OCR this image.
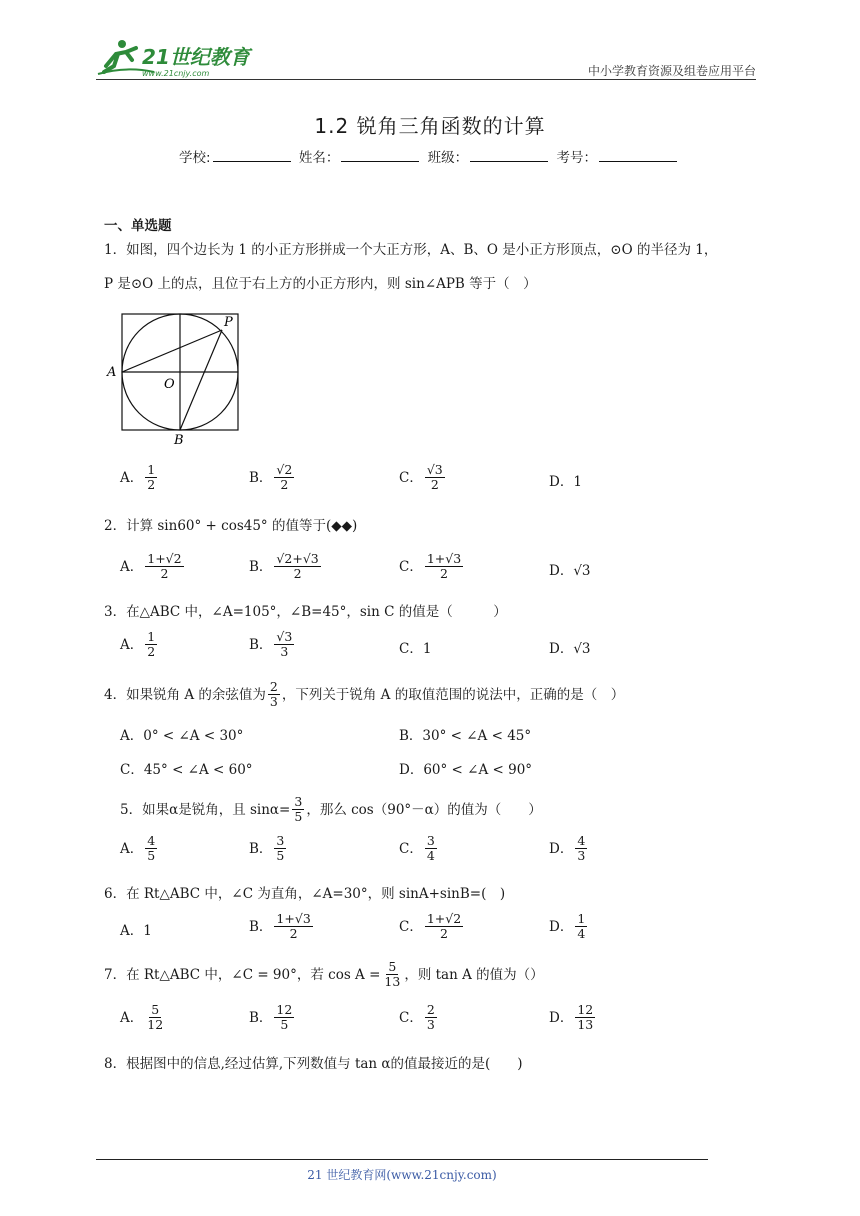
21世纪教育
www.21cnjy.com	中小学教育资源及组卷应用平台
1.2 锐角三角函数的计算
学校:	姓名：	班级：	考号：
一、单选题
1．如图，四个边长为 1 的小正方形拼成一个大正方形，A、B、O 是小正方形顶点，⊙O 的半径为 1，
P 是⊙O 上的点，且位于右上方的小正方形内，则 sin∠APB 等于（　）
A
B
O
P
A． $\frac{1}{2}$	B． $\frac{√2}{2}$	C． $\frac{√3}{2}$	D． 1
2．计算 sin60° + cos45° 的值等于(◆◆)
A． $\frac{1+√2}{2}$	B． $\frac{√2+√3}{2}$	C． $\frac{1+√3}{2}$	D． √3
3．在△ABC 中，∠A=105°，∠B=45°，sin C 的值是（　　　）
A． $\frac{1}{2}$	B． $\frac{√3}{3}$	C． 1	D． √3
4．如果锐角 A 的余弦值为 $\frac{2}{3}$ ，下列关于锐角 A 的取值范围的说法中，正确的是（　）
A． 0° < ∠A < 30°	B． 30° < ∠A < 45°
C． 45° < ∠A < 60°	D． 60° < ∠A < 90°
5．如果α是锐角，且 $\sin\alpha= \frac{3}{5}$ ，那么 cos（90°－α）的值为（　　）
A． $\frac{4}{5}$	B． $\frac{3}{5}$	C． $\frac{3}{4}$	D． $\frac{4}{3}$
6．在 Rt△ABC 中，∠C 为直角，∠A=30°，则 sinA+sinB=(　)
A． 1	B． $\frac{1+√3}{2}$	C． $\frac{1+√2}{2}$	D． $\frac{1}{4}$
7．在 Rt△ABC 中，∠C = 90°，若 $\cos A = \frac{5}{13}$ ，则 tan A 的值为（）
A． $\frac{5}{12}$	B． $\frac{12}{5}$	C． $\frac{2}{3}$	D． $\frac{12}{13}$
8．根据图中的信息,经过估算,下列数值与 tan α的值最接近的是(　　)
21 世纪教育网(www.21cnjy.com)
